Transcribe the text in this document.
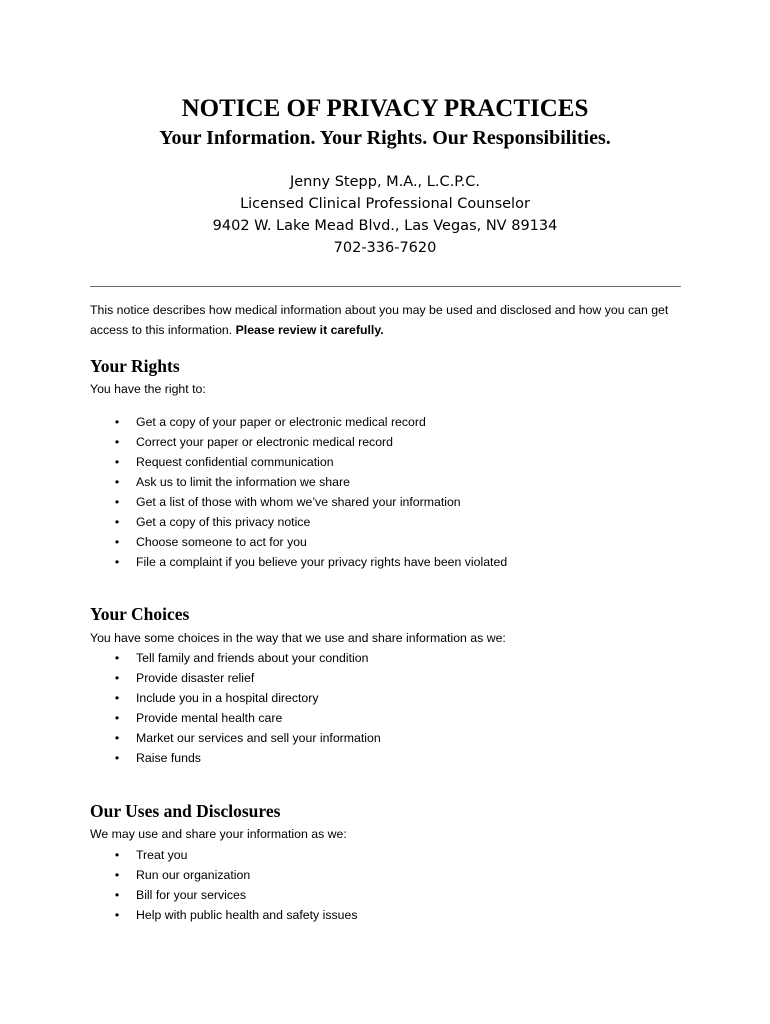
NOTICE OF PRIVACY PRACTICES
Your Information. Your Rights. Our Responsibilities.
Jenny Stepp, M.A., L.C.P.C.
Licensed Clinical Professional Counselor
9402 W. Lake Mead Blvd., Las Vegas, NV 89134
702-336-7620

This notice describes how medical information about you may be used and disclosed and how you can get access to this information. Please review it carefully.

Your Rights

You have the right to:

• Get a copy of your paper or electronic medical record
• Correct your paper or electronic medical record
• Request confidential communication
• Ask us to limit the information we share
• Get a list of those with whom we’ve shared your information
• Get a copy of this privacy notice
• Choose someone to act for you
• File a complaint if you believe your privacy rights have been violated
Your Choices

You have some choices in the way that we use and share information as we:

• Tell family and friends about your condition
• Provide disaster relief
• Include you in a hospital directory
• Provide mental health care
• Market our services and sell your information
• Raise funds
Our Uses and Disclosures

We may use and share your information as we:

• Treat you
• Run our organization
• Bill for your services
• Help with public health and safety issues
